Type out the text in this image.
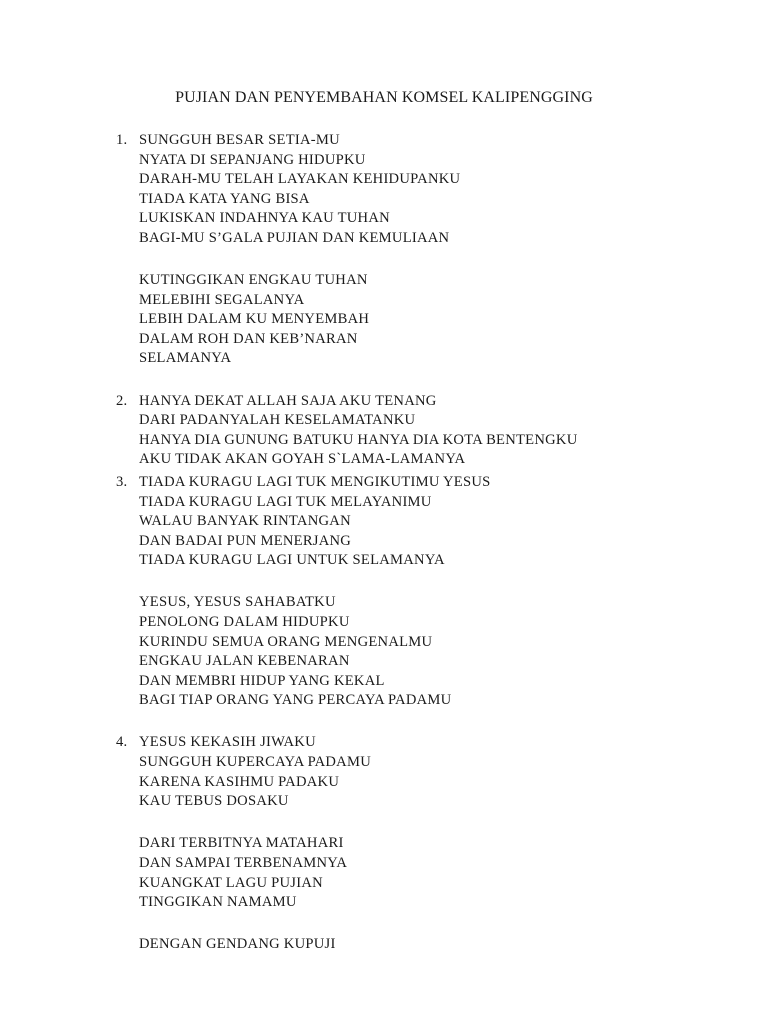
PUJIAN DAN PENYEMBAHAN KOMSEL KALIPENGGING
1. SUNGGUH BESAR SETIA-MU
NYATA DI SEPANJANG HIDUPKU
DARAH-MU TELAH LAYAKAN KEHIDUPANKU
TIADA KATA YANG BISA
LUKISKAN INDAHNYA KAU TUHAN
BAGI-MU S’GALA PUJIAN DAN KEMULIAAN
KUTINGGIKAN ENGKAU TUHAN
MELEBIHI SEGALANYA
LEBIH DALAM KU MENYEMBAH
DALAM ROH DAN KEB’NARAN
SELAMANYA
2. HANYA DEKAT ALLAH SAJA AKU TENANG
DARI PADANYALAH KESELAMATANKU
HANYA DIA GUNUNG BATUKU HANYA DIA KOTA BENTENGKU
AKU TIDAK AKAN GOYAH S`LAMA-LAMANYA
3. TIADA KURAGU LAGI TUK MENGIKUTIMU YESUS
TIADA KURAGU LAGI TUK MELAYANIMU
WALAU BANYAK RINTANGAN
DAN BADAI PUN MENERJANG
TIADA KURAGU LAGI UNTUK SELAMANYA
YESUS, YESUS SAHABATKU
PENOLONG DALAM HIDUPKU
KURINDU SEMUA ORANG MENGENALMU
ENGKAU JALAN KEBENARAN
DAN MEMBRI HIDUP YANG KEKAL
BAGI TIAP ORANG YANG PERCAYA PADAMU
4. YESUS KEKASIH JIWAKU
SUNGGUH KUPERCAYA PADAMU
KARENA KASIHMU PADAKU
KAU TEBUS DOSAKU
DARI TERBITNYA MATAHARI
DAN SAMPAI TERBENAMNYA
KUANGKAT LAGU PUJIAN
TINGGIKAN NAMAMU
DENGAN GENDANG KUPUJI
